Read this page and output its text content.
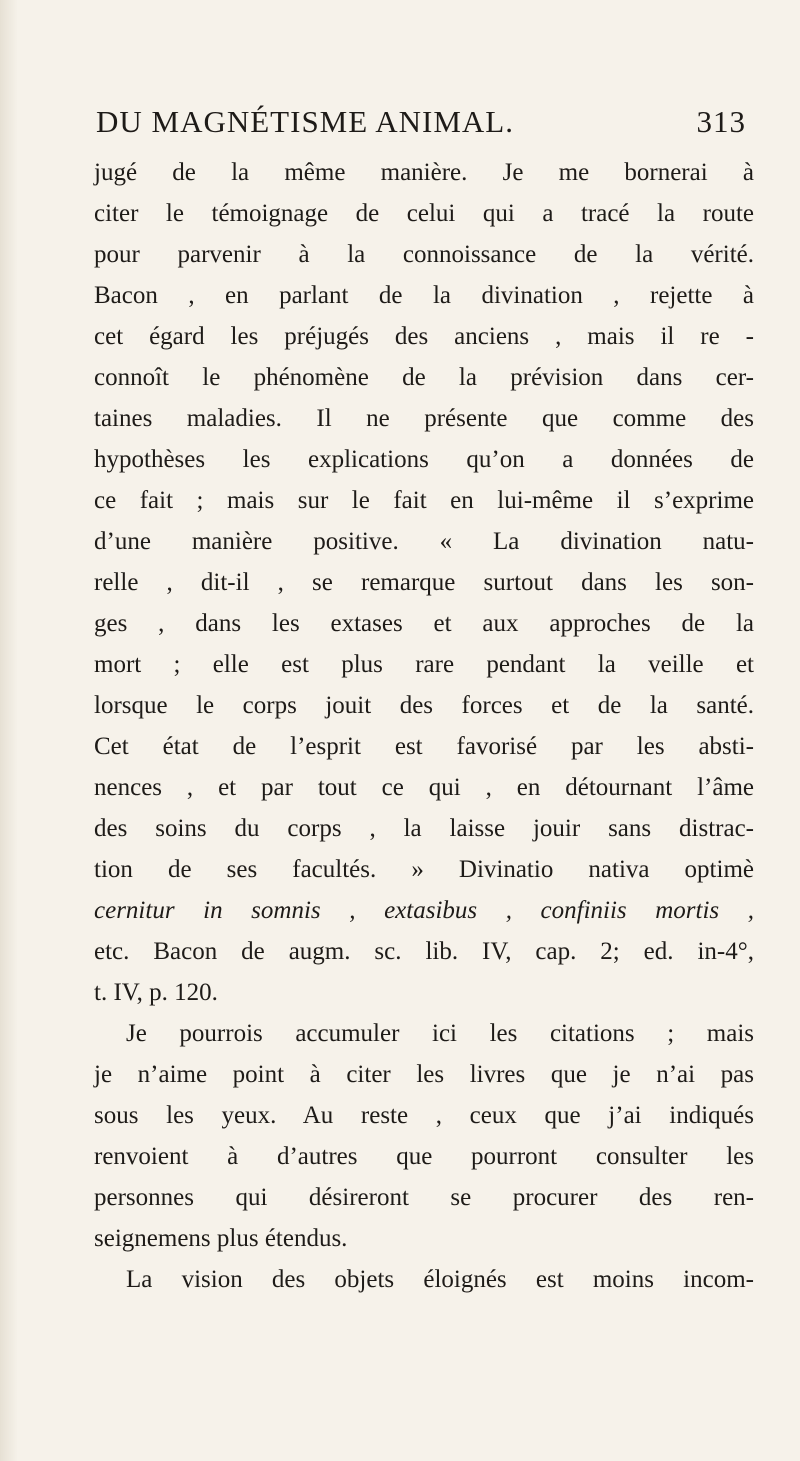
DU MAGNÉTISME ANIMAL.	313
jugé de la même manière. Je me bornerai à
citer le témoignage de celui qui a tracé la route
pour parvenir à la connoissance de la vérité.
Bacon , en parlant de la divination , rejette à
cet égard les préjugés des anciens , mais il re -
connoît le phénomène de la prévision dans cer-
taines maladies. Il ne présente que comme des
hypothèses les explications qu’on a données de
ce fait ; mais sur le fait en lui-même il s’exprime
d’une manière positive. « La divination natu-
relle , dit-il , se remarque surtout dans les son-
ges , dans les extases et aux approches de la
mort ; elle est plus rare pendant la veille et
lorsque le corps jouit des forces et de la santé.
Cet état de l’esprit est favorisé par les absti-
nences , et par tout ce qui , en détournant l’âme
des soins du corps , la laisse jouir sans distrac-
tion de ses facultés. » Divinatio nativa optimè
cernitur in somnis , extasibus , confiniis mortis ,
etc. Bacon de augm. sc. lib. IV, cap. 2; ed. in-4°,
t. IV, p. 120.
Je pourrois accumuler ici les citations ; mais
je n’aime point à citer les livres que je n’ai pas
sous les yeux. Au reste , ceux que j’ai indiqués
renvoient à d’autres que pourront consulter les
personnes qui désireront se procurer des ren-
seignemens plus étendus.
La vision des objets éloignés est moins incom-
